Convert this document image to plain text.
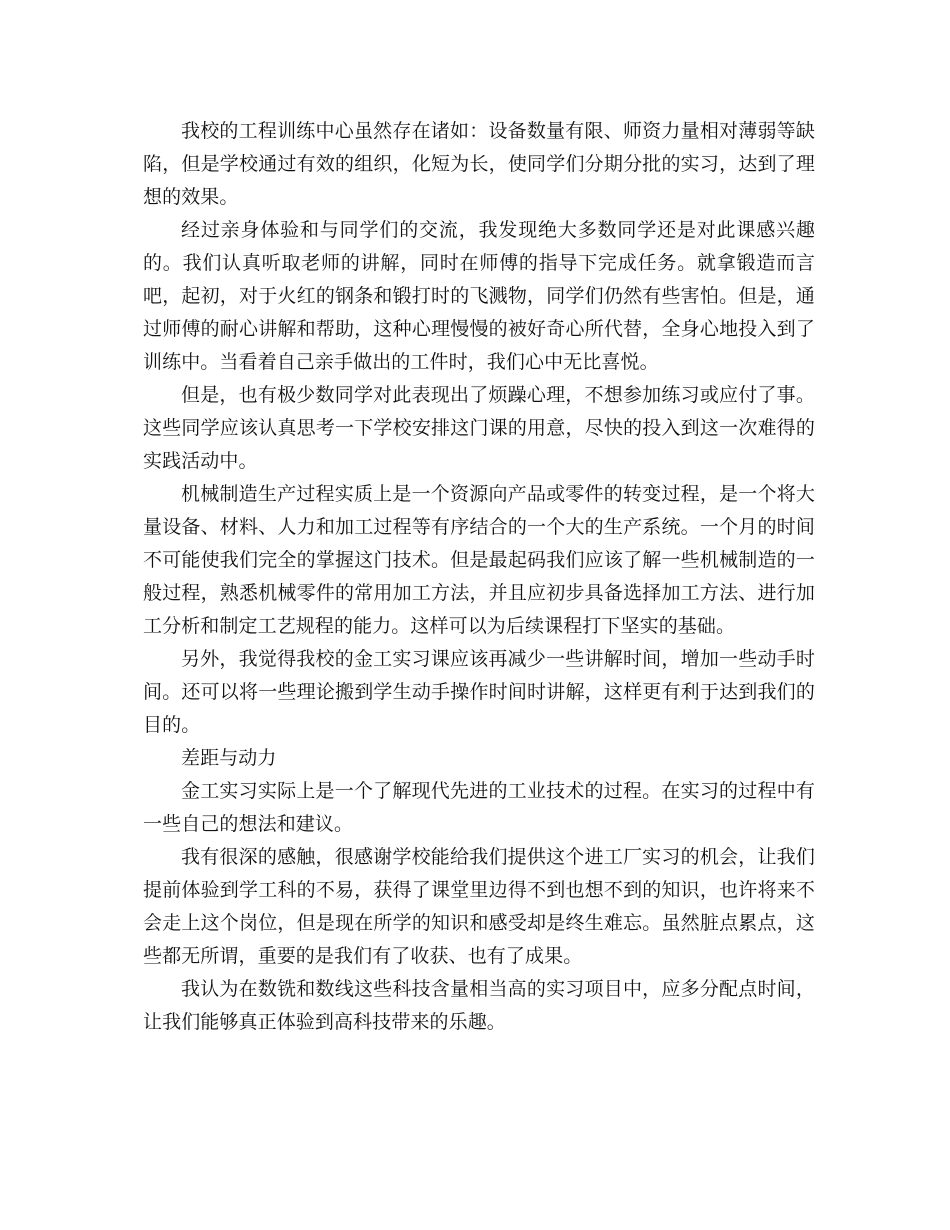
我校的工程训练中心虽然存在诸如：设备数量有限、师资力量相对薄弱等缺陷，但是学校通过有效的组织，化短为长，使同学们分期分批的实习，达到了理想的效果。

经过亲身体验和与同学们的交流，我发现绝大多数同学还是对此课感兴趣的。我们认真听取老师的讲解，同时在师傅的指导下完成任务。就拿锻造而言吧，起初，对于火红的钢条和锻打时的飞溅物，同学们仍然有些害怕。但是，通过师傅的耐心讲解和帮助，这种心理慢慢的被好奇心所代替，全身心地投入到了训练中。当看着自己亲手做出的工件时，我们心中无比喜悦。

但是，也有极少数同学对此表现出了烦躁心理，不想参加练习或应付了事。这些同学应该认真思考一下学校安排这门课的用意，尽快的投入到这一次难得的实践活动中。

机械制造生产过程实质上是一个资源向产品或零件的转变过程，是一个将大量设备、材料、人力和加工过程等有序结合的一个大的生产系统。一个月的时间不可能使我们完全的掌握这门技术。但是最起码我们应该了解一些机械制造的一般过程，熟悉机械零件的常用加工方法，并且应初步具备选择加工方法、进行加工分析和制定工艺规程的能力。这样可以为后续课程打下坚实的基础。

另外，我觉得我校的金工实习课应该再减少一些讲解时间，增加一些动手时间。还可以将一些理论搬到学生动手操作时间时讲解，这样更有利于达到我们的目的。

差距与动力

金工实习实际上是一个了解现代先进的工业技术的过程。在实习的过程中有一些自己的想法和建议。

我有很深的感触，很感谢学校能给我们提供这个进工厂实习的机会，让我们提前体验到学工科的不易，获得了课堂里边得不到也想不到的知识，也许将来不会走上这个岗位，但是现在所学的知识和感受却是终生难忘。虽然脏点累点，这些都无所谓，重要的是我们有了收获、也有了成果。

我认为在数铣和数线这些科技含量相当高的实习项目中，应多分配点时间，让我们能够真正体验到高科技带来的乐趣。
